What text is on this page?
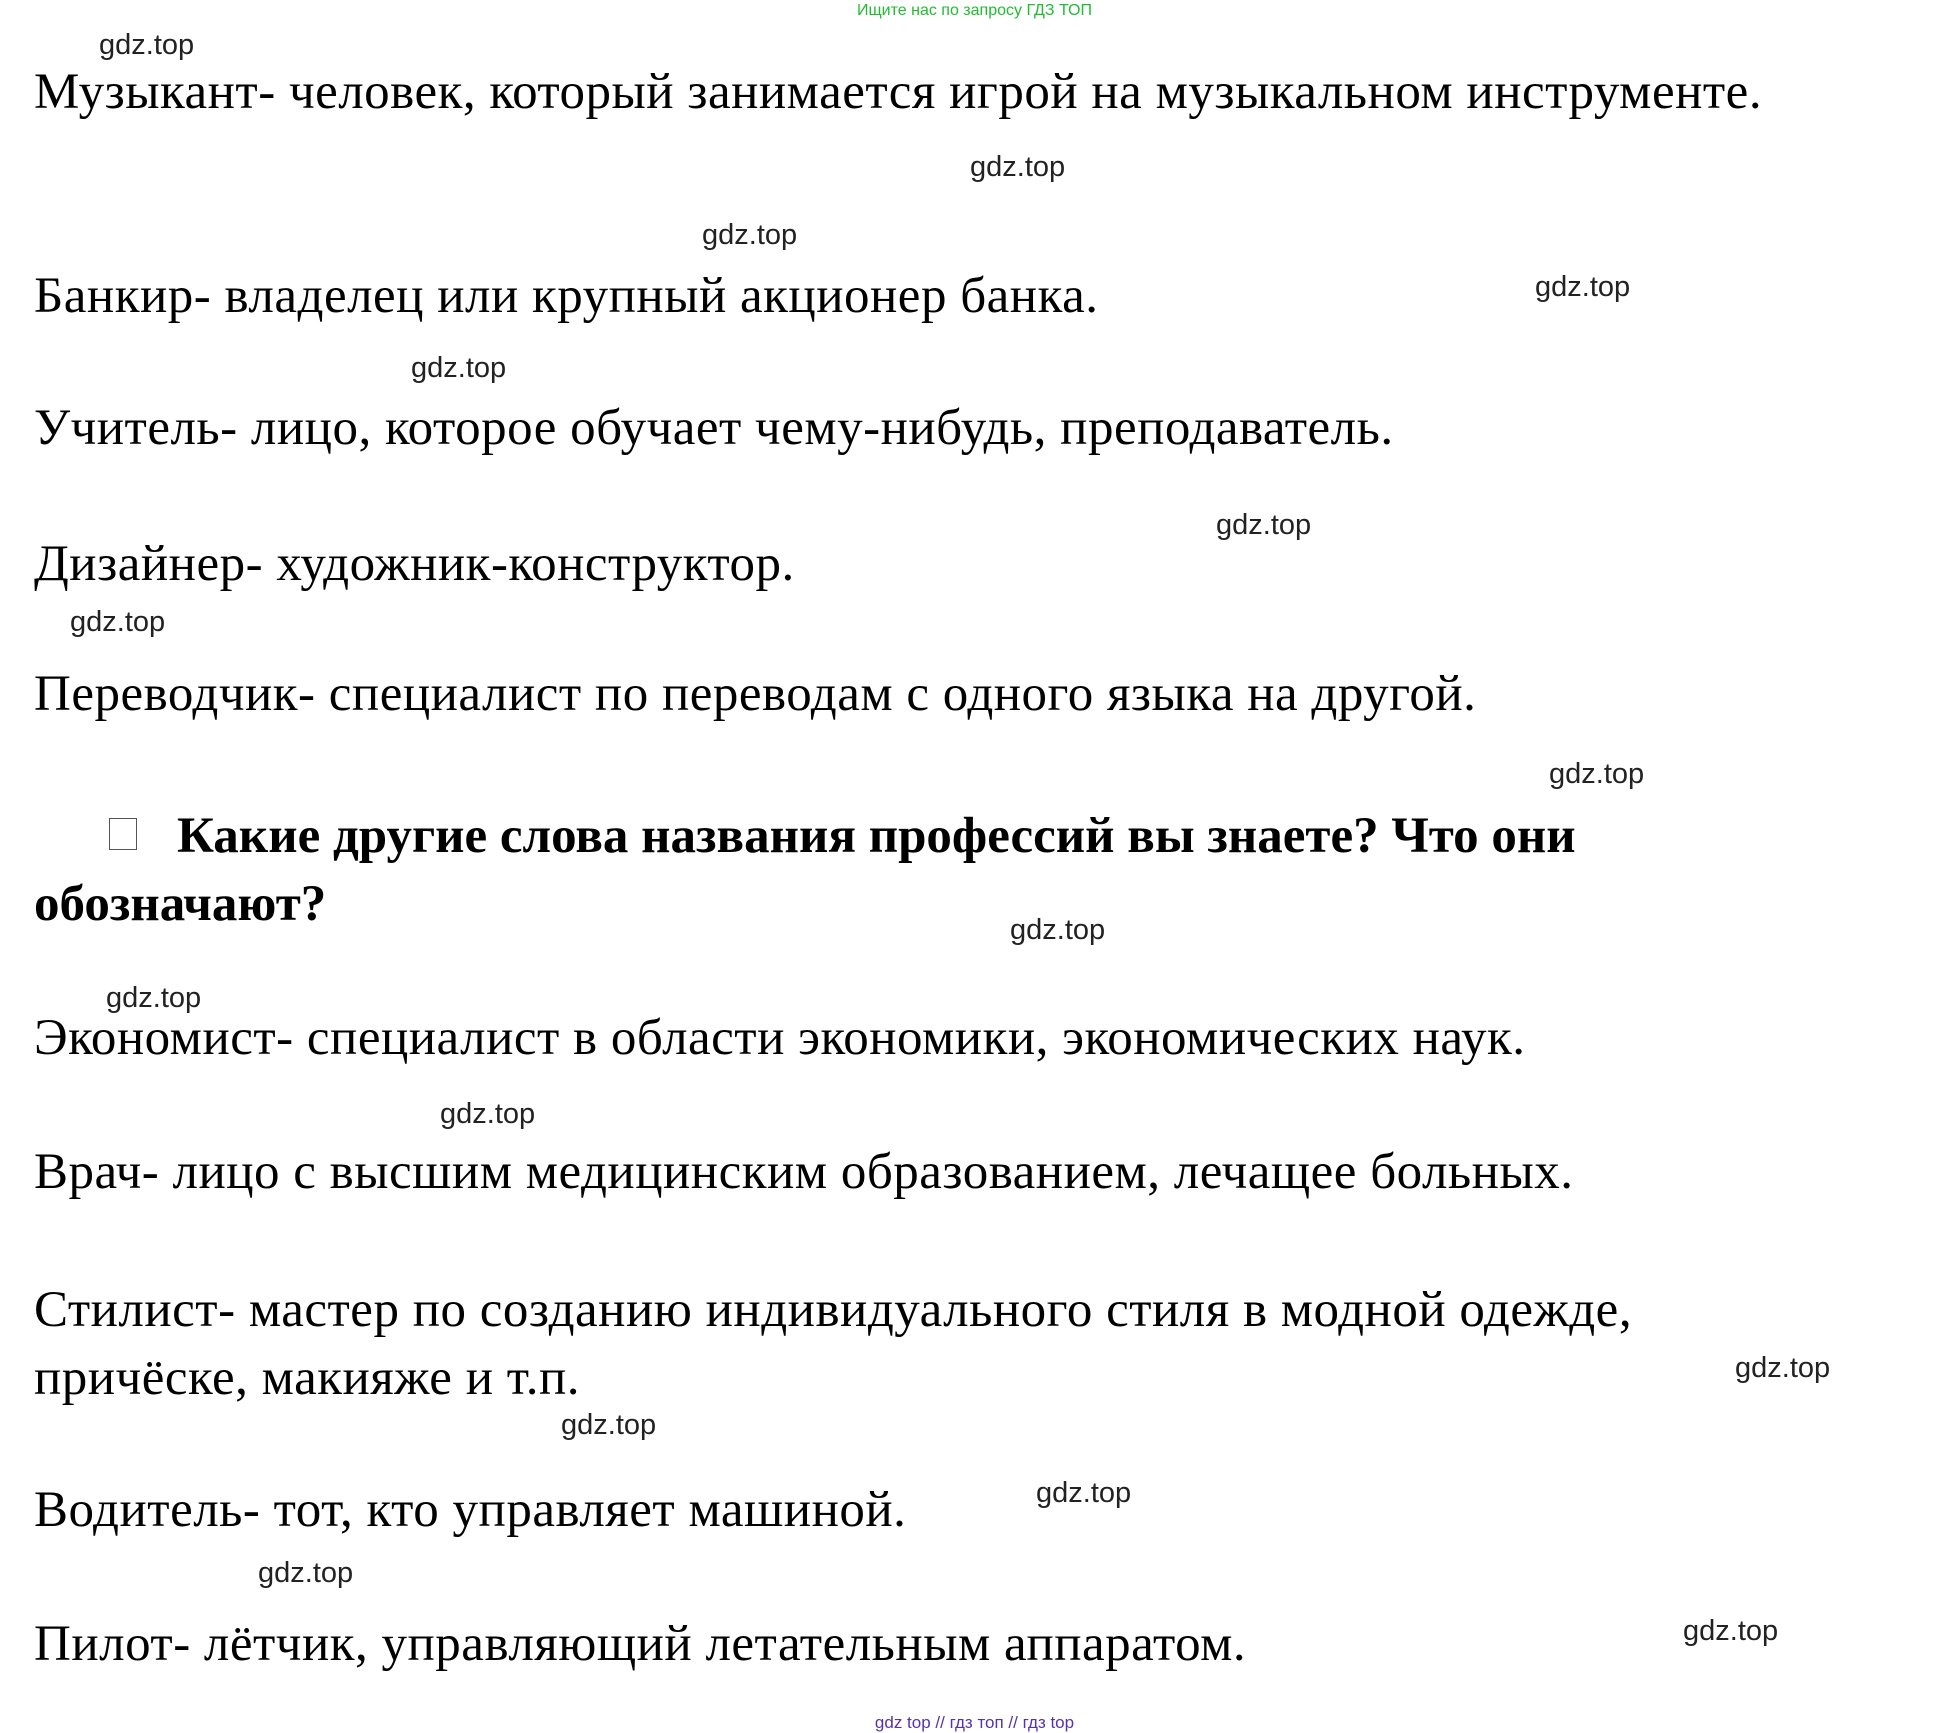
Ищите нас по запросу ГДЗ ТОП

Музыкант- человек, который занимается игрой на музыкальном инструменте.

Банкир- владелец или крупный акционер банка.

Учитель- лицо, которое обучает чему-нибудь, преподаватель.

Дизайнер- художник-конструктор.

Переводчик- специалист по переводам с одного языка на другой.

Какие другие слова названия профессий вы знаете? Что они обозначают?

Экономист- специалист в области экономики, экономических наук.

Врач- лицо с высшим медицинским образованием, лечащее больных.

Стилист- мастер по созданию индивидуального стиля в модной одежде, причёске, макияже и т.п.

Водитель- тот, кто управляет машиной.

Пилот- лётчик, управляющий летательным аппаратом.

gdz.top
gdz.top
gdz.top
gdz.top
gdz.top
gdz.top
gdz.top
gdz.top
gdz.top
gdz.top
gdz.top
gdz.top
gdz.top
gdz.top
gdz.top
gdz.top
gdz top // гдз топ // гдз top
